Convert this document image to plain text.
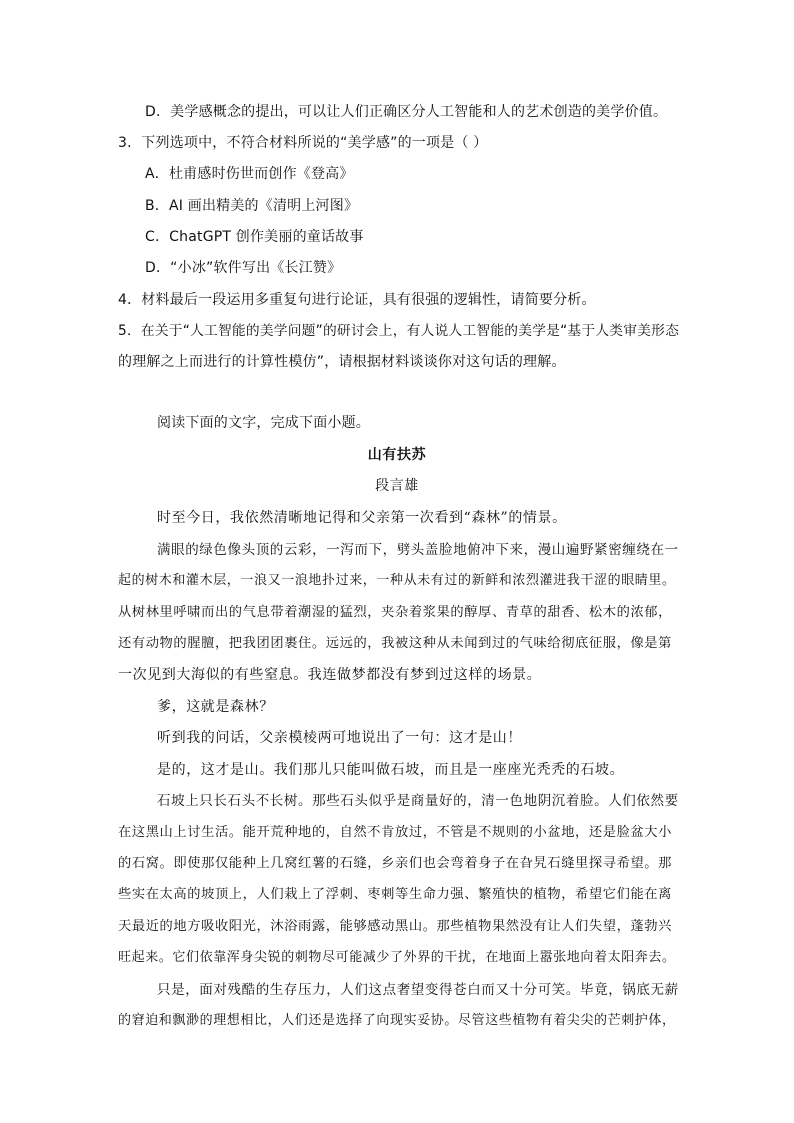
D．美学感概念的提出，可以让人们正确区分人工智能和人的艺术创造的美学价值。
3．下列选项中，不符合材料所说的“美学感”的一项是（ ）
A．杜甫感时伤世而创作《登高》
B．AI 画出精美的《清明上河图》
C．ChatGPT 创作美丽的童话故事
D．“小冰”软件写出《长江赞》
4．材料最后一段运用多重复句进行论证，具有很强的逻辑性，请简要分析。
5．在关于“人工智能的美学问题”的研讨会上，有人说人工智能的美学是“基于人类审美形态
的理解之上而进行的计算性模仿”，请根据材料谈谈你对这句话的理解。
阅读下面的文字，完成下面小题。
山有扶苏
段言雄
时至今日，我依然清晰地记得和父亲第一次看到“森林”的情景。
满眼的绿色像头顶的云彩，一泻而下，劈头盖脸地俯冲下来，漫山遍野紧密缠绕在一
起的树木和灌木层，一浪又一浪地扑过来，一种从未有过的新鲜和浓烈灌进我干涩的眼睛里。
从树林里呼啸而出的气息带着潮湿的猛烈，夹杂着浆果的醇厚、青草的甜香、松木的浓郁，
还有动物的腥膻，把我团团裹住。远远的，我被这种从未闻到过的气味给彻底征服，像是第
一次见到大海似的有些窒息。我连做梦都没有梦到过这样的场景。
爹，这就是森林？
听到我的问话，父亲模棱两可地说出了一句：这才是山！
是的，这才是山。我们那儿只能叫做石坡，而且是一座座光秃秃的石坡。
石坡上只长石头不长树。那些石头似乎是商量好的，清一色地阴沉着脸。人们依然要
在这黑山上讨生活。能开荒种地的，自然不肯放过，不管是不规则的小盆地，还是脸盆大小
的石窝。即使那仅能种上几窝红薯的石缝，乡亲们也会弯着身子在旮旯石缝里探寻希望。那
些实在太高的坡顶上，人们栽上了浮刺、枣刺等生命力强、繁殖快的植物，希望它们能在离
天最近的地方吸收阳光，沐浴雨露，能够感动黑山。那些植物果然没有让人们失望，蓬勃兴
旺起来。它们依靠浑身尖锐的刺物尽可能减少了外界的干扰，在地面上嚣张地向着太阳奔去。
只是，面对残酷的生存压力，人们这点奢望变得苍白而又十分可笑。毕竟，锅底无薪
的窘迫和飘渺的理想相比，人们还是选择了向现实妥协。尽管这些植物有着尖尖的芒刺护体，
